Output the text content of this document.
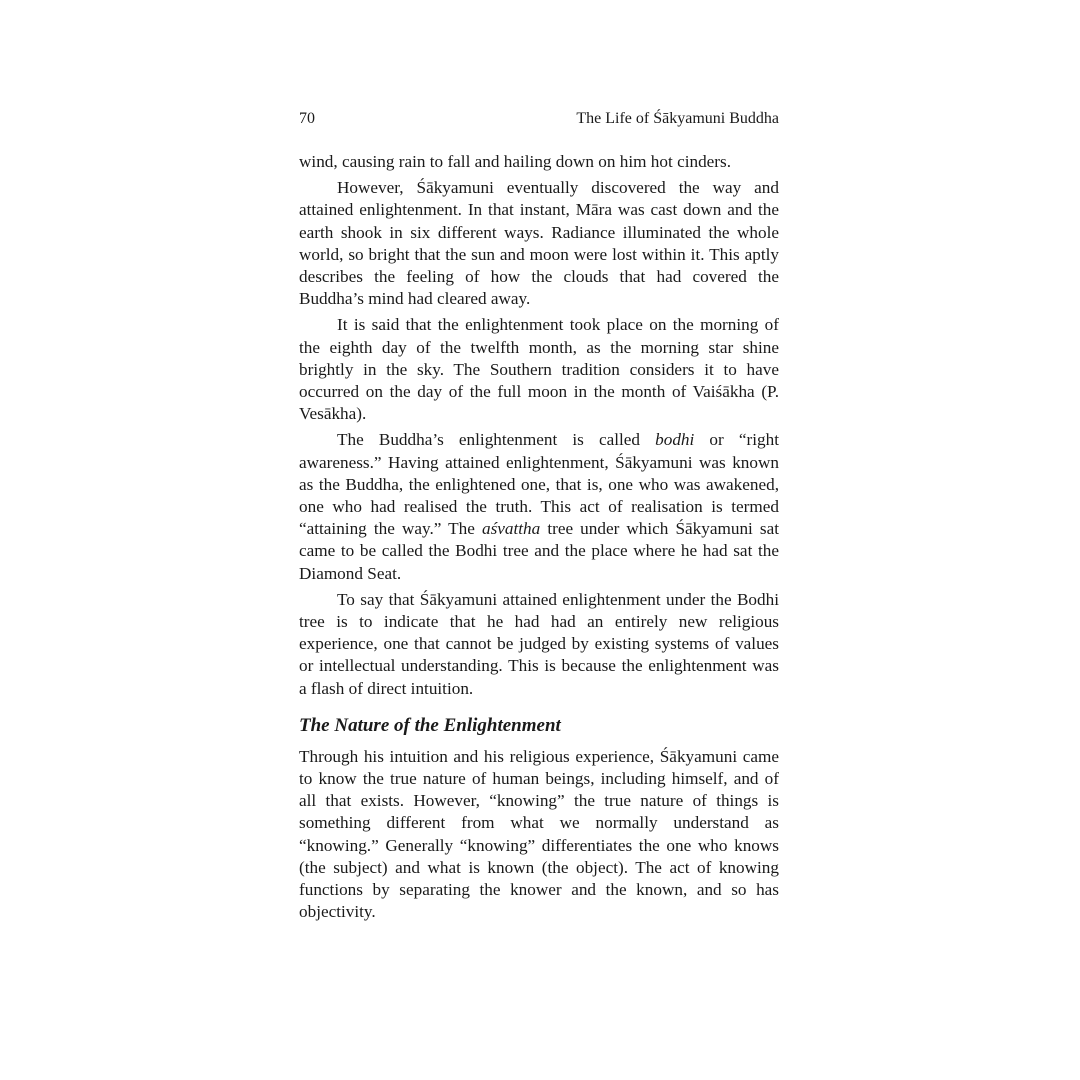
70	The Life of Śākyamuni Buddha

wind, causing rain to fall and hailing down on him hot cinders.

However, Śākyamuni eventually discovered the way and attained enlightenment. In that instant, Māra was cast down and the earth shook in six different ways. Radiance illuminated the whole world, so bright that the sun and moon were lost within it. This aptly describes the feeling of how the clouds that had covered the Buddha’s mind had cleared away.

It is said that the enlightenment took place on the morning of the eighth day of the twelfth month, as the morning star shine brightly in the sky. The Southern tradition considers it to have occurred on the day of the full moon in the month of Vaiśākha (P. Vesākha).

The Buddha’s enlightenment is called bodhi or “right awareness.” Having attained enlightenment, Śākyamuni was known as the Buddha, the enlightened one, that is, one who was awakened, one who had realised the truth. This act of realisation is termed “attaining the way.” The aśvattha tree under which Śākyamuni sat came to be called the Bodhi tree and the place where he had sat the Diamond Seat.

To say that Śākyamuni attained enlightenment under the Bodhi tree is to indicate that he had had an entirely new religious experience, one that cannot be judged by existing systems of values or intellectual understanding. This is because the enlightenment was a flash of direct intuition.

The Nature of the Enlightenment

Through his intuition and his religious experience, Śākyamuni came to know the true nature of human beings, including himself, and of all that exists. However, “knowing” the true nature of things is something different from what we normally understand as “knowing.” Generally “knowing” differentiates the one who knows (the subject) and what is known (the object). The act of knowing functions by separating the knower and the known, and so has objectivity.
